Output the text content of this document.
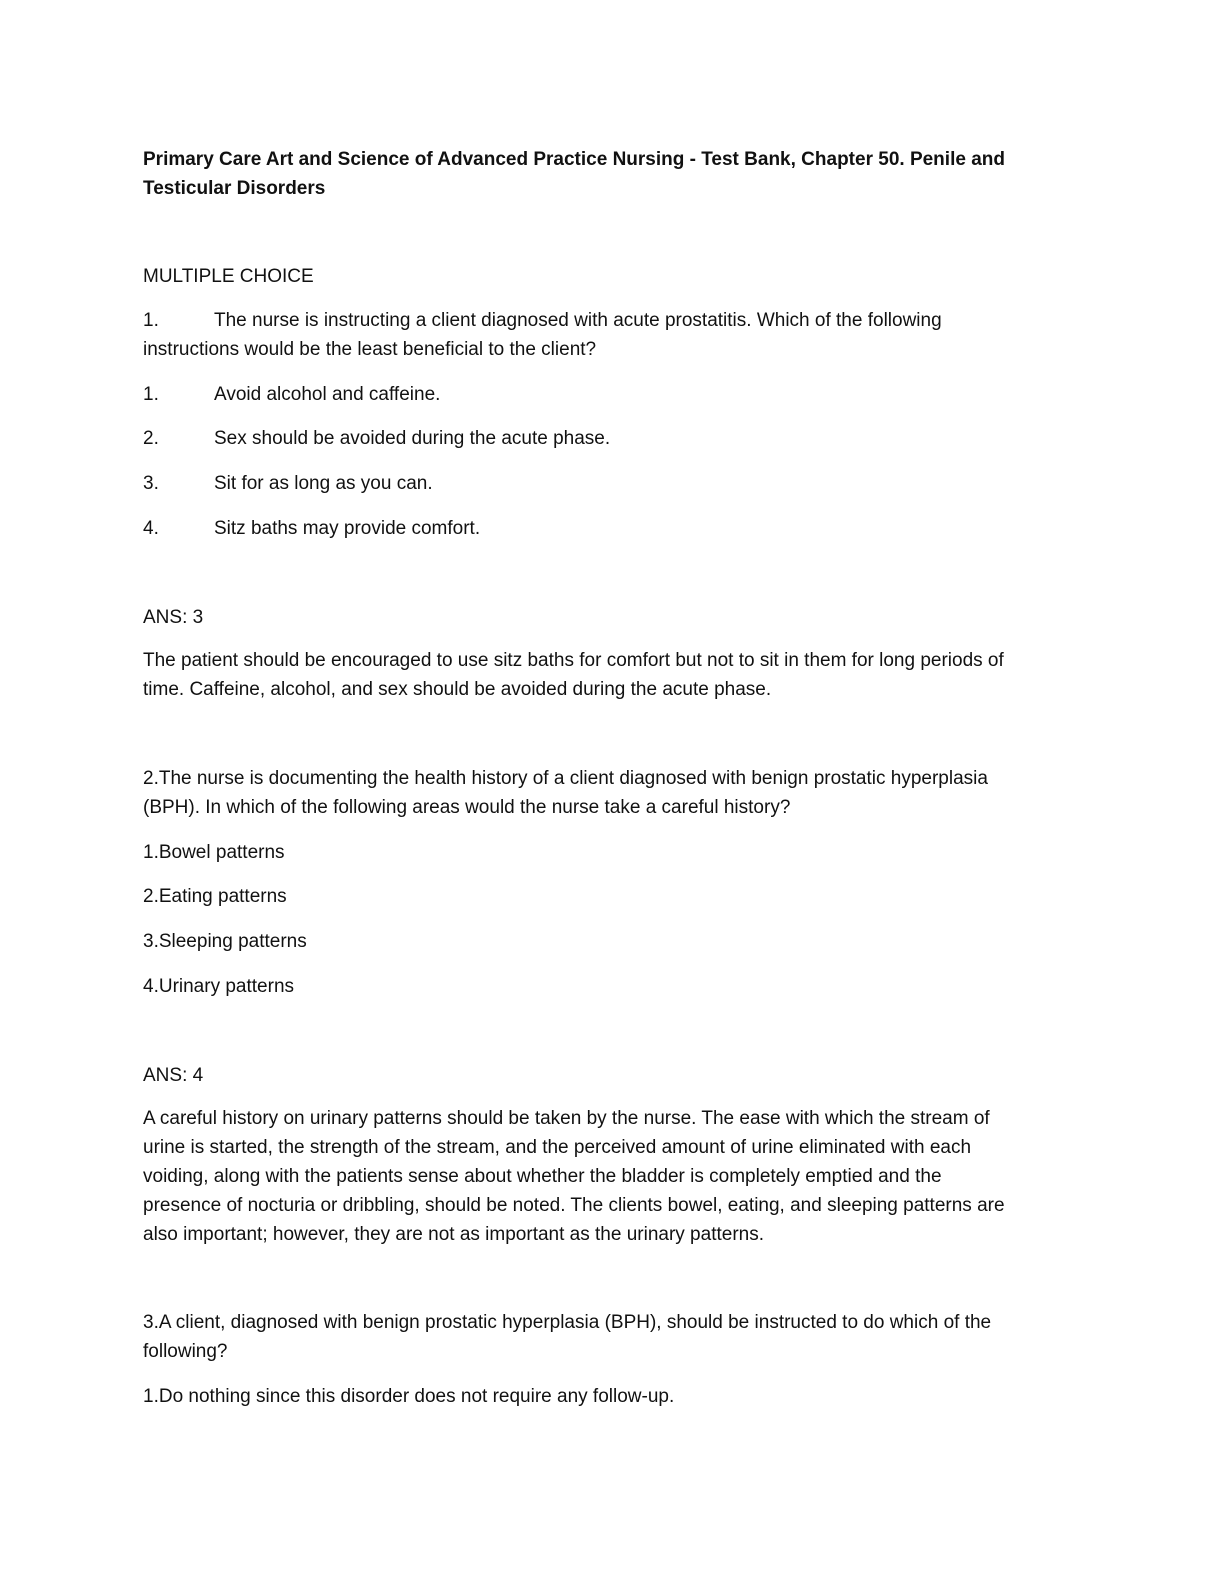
Primary Care Art and Science of Advanced Practice Nursing - Test Bank, Chapter 50. Penile and
Testicular Disorders
MULTIPLE CHOICE
1.	The nurse is instructing a client diagnosed with acute prostatitis. Which of the following
instructions would be the least beneficial to the client?
1.	Avoid alcohol and caffeine.
2.	Sex should be avoided during the acute phase.
3.	Sit for as long as you can.
4.	Sitz baths may provide comfort.
ANS: 3
The patient should be encouraged to use sitz baths for comfort but not to sit in them for long periods of
time. Caffeine, alcohol, and sex should be avoided during the acute phase.
2.The nurse is documenting the health history of a client diagnosed with benign prostatic hyperplasia
(BPH). In which of the following areas would the nurse take a careful history?
1.Bowel patterns
2.Eating patterns
3.Sleeping patterns
4.Urinary patterns
ANS: 4
A careful history on urinary patterns should be taken by the nurse. The ease with which the stream of
urine is started, the strength of the stream, and the perceived amount of urine eliminated with each
voiding, along with the patients sense about whether the bladder is completely emptied and the
presence of nocturia or dribbling, should be noted. The clients bowel, eating, and sleeping patterns are
also important; however, they are not as important as the urinary patterns.
3.A client, diagnosed with benign prostatic hyperplasia (BPH), should be instructed to do which of the
following?
1.Do nothing since this disorder does not require any follow-up.
